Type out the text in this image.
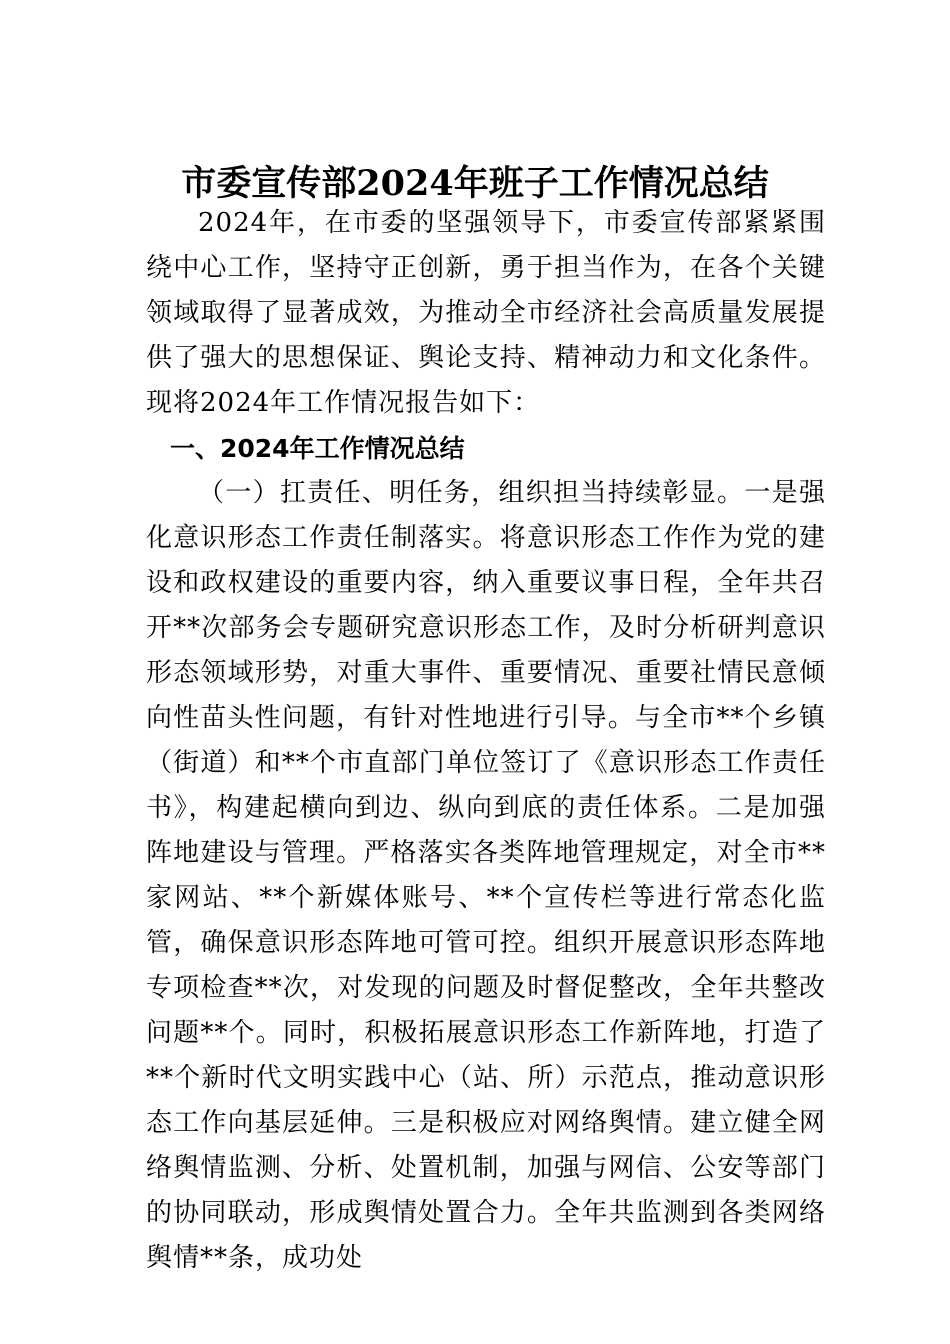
市委宣传部2024年班子工作情况总结

2024年，在市委的坚强领导下，市委宣传部紧紧围绕中心工作，坚持守正创新，勇于担当作为，在各个关键领域取得了显著成效，为推动全市经济社会高质量发展提供了强大的思想保证、舆论支持、精神动力和文化条件。现将2024年工作情况报告如下：

一、2024年工作情况总结

（一）扛责任、明任务，组织担当持续彰显。一是强化意识形态工作责任制落实。将意识形态工作作为党的建设和政权建设的重要内容，纳入重要议事日程，全年共召开**次部务会专题研究意识形态工作，及时分析研判意识形态领域形势，对重大事件、重要情况、重要社情民意倾向性苗头性问题，有针对性地进行引导。与全市**个乡镇（街道）和**个市直部门单位签订了《意识形态工作责任书》，构建起横向到边、纵向到底的责任体系。二是加强阵地建设与管理。严格落实各类阵地管理规定，对全市**家网站、**个新媒体账号、**个宣传栏等进行常态化监管，确保意识形态阵地可管可控。组织开展意识形态阵地专项检查**次，对发现的问题及时督促整改，全年共整改问题**个。同时，积极拓展意识形态工作新阵地，打造了**个新时代文明实践中心（站、所）示范点，推动意识形态工作向基层延伸。三是积极应对网络舆情。建立健全网络舆情监测、分析、处置机制，加强与网信、公安等部门的协同联动，形成舆情处置合力。全年共监测到各类网络舆情**条，成功处
